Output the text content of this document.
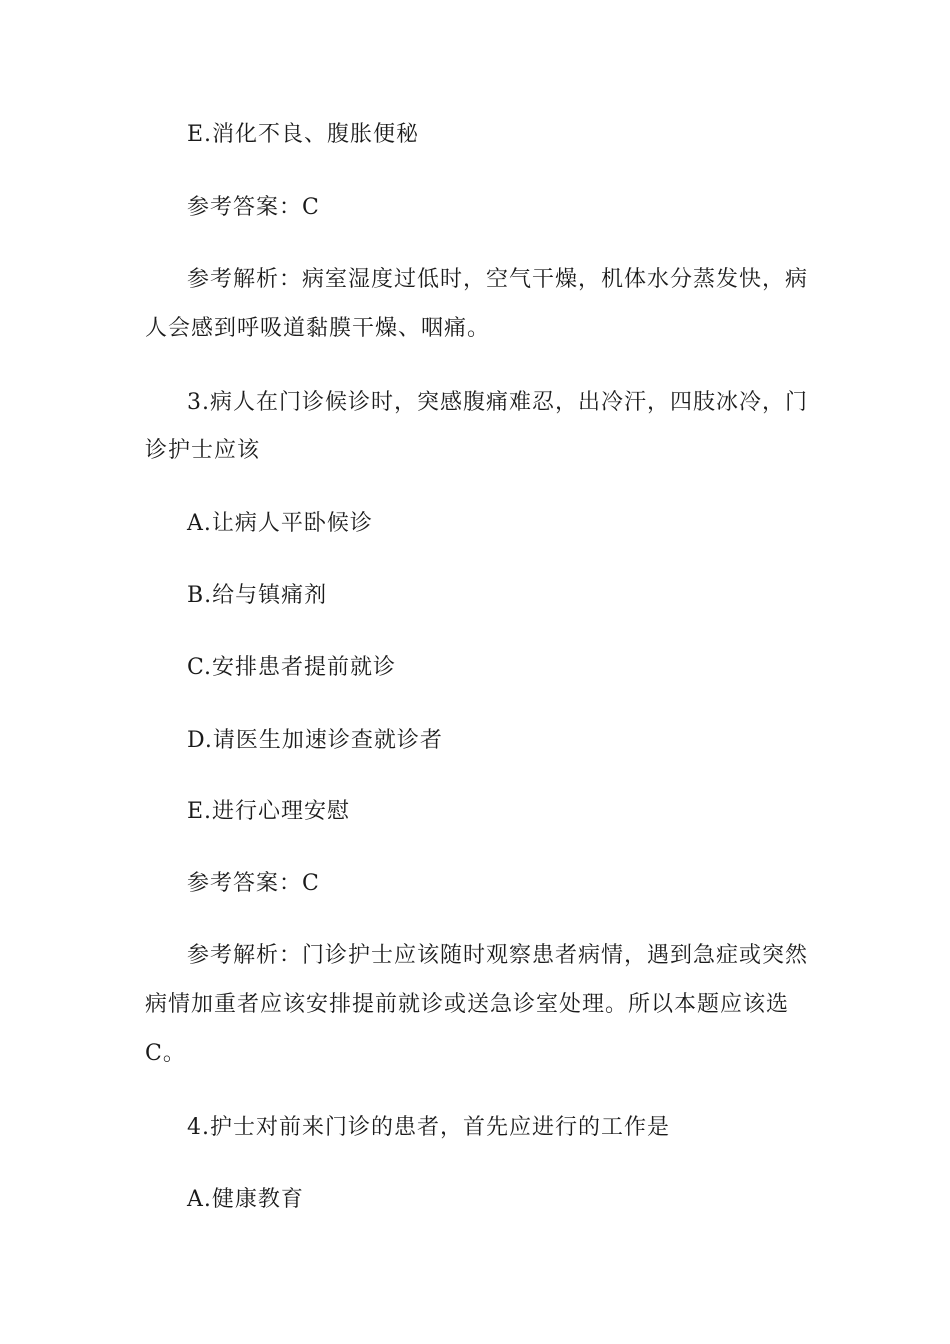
E.消化不良、腹胀便秘
参考答案：C
参考解析：病室湿度过低时，空气干燥，机体水分蒸发快，病
人会感到呼吸道黏膜干燥、咽痛。
3.病人在门诊候诊时，突感腹痛难忍，出冷汗，四肢冰冷，门
诊护士应该
A.让病人平卧候诊
B.给与镇痛剂
C.安排患者提前就诊
D.请医生加速诊查就诊者
E.进行心理安慰
参考答案：C
参考解析：门诊护士应该随时观察患者病情，遇到急症或突然
病情加重者应该安排提前就诊或送急诊室处理。所以本题应该选
C。
4.护士对前来门诊的患者，首先应进行的工作是
A.健康教育
